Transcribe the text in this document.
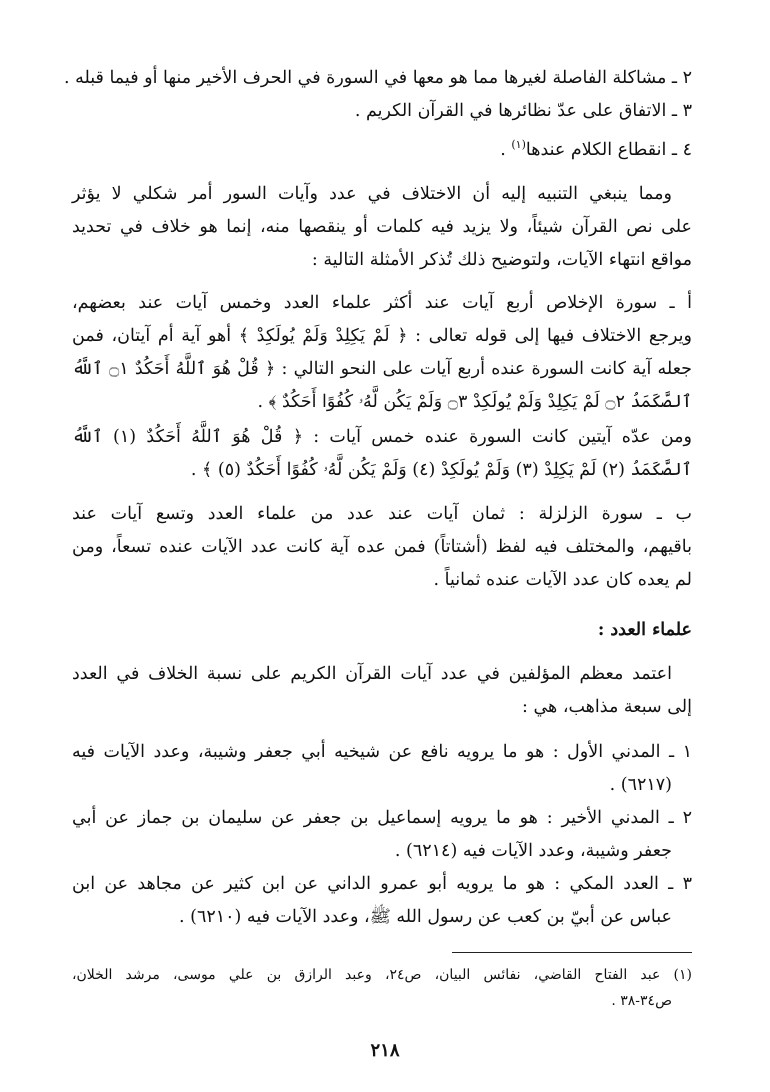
٢ ـ مشاكلة الفاصلة لغيرها مما هو معها في السورة في الحرف الأخير منها أو فيما قبله .
٣ ـ الاتفاق على عدّ نظائرها في القرآن الكريم .
٤ ـ انقطاع الكلام عندها$^{(١)}$ .
ومما ينبغي التنبيه إليه أن الاختلاف في عدد وآيات السور أمر شكلي لا يؤثر
على نص القرآن شيئاً، ولا يزيد فيه كلمات أو ينقصها منه، إنما هو خلاف في تحديد
مواقع انتهاء الآيات، ولتوضيح ذلك تُذكر الأمثلة التالية :
أ ـ سورة الإخلاص أربع آيات عند أكثر علماء العدد وخمس آيات عند بعضهم،
ويرجع الاختلاف فيها إلى قوله تعالى : ﴿ لَمْ يَكِلِدْ وَلَمْ يُولَكِدْ ﴾ أهو آية أم آيتان، فمن
جعله آية كانت السورة عنده أربع آيات على النحو التالي : ﴿ قُلْ هُوَ ٱللَّهُ أَحَكُدٌ ۝١ ٱللَّهُ
ٱلصَّكَمَدُ ۝٢ لَمْ يَكِلِدْ وَلَمْ يُولَكِدْ ۝٣ وَلَمْ يَكُن لَّهُۥ كُفُوًا أَحَكُدٌ ﴾ .
ومن عدّه آيتين كانت السورة عنده خمس آيات : ﴿ قُلْ هُوَ ٱللَّهُ أَحَكُدٌ (١) ٱللَّهُ
ٱلصَّكَمَدُ (٢) لَمْ يَكِلِدْ (٣) وَلَمْ يُولَكِدْ (٤) وَلَمْ يَكُن لَّهُۥ كُفُوًا أَحَكُدٌ (٥) ﴾ .
ب ـ سورة الزلزلة : ثمان آيات عند عدد من علماء العدد وتسع آيات عند
باقيهم، والمختلف فيه لفظ (أشتاتاً) فمن عده آية كانت عدد الآيات عنده تسعاً، ومن
لم يعده كان عدد الآيات عنده ثمانياً .
علماء العدد :
اعتمد معظم المؤلفين في عدد آيات القرآن الكريم على نسبة الخلاف في العدد
إلى سبعة مذاهب، هي :
١ ـ المدني الأول : هو ما يرويه نافع عن شيخيه أبي جعفر وشيبة، وعدد الآيات فيه
(٦٢١٧) .
٢ ـ المدني الأخير : هو ما يرويه إسماعيل بن جعفر عن سليمان بن جماز عن أبي
جعفر وشيبة، وعدد الآيات فيه (٦٢١٤) .
٣ ـ العدد المكي : هو ما يرويه أبو عمرو الداني عن ابن كثير عن مجاهد عن ابن
عباس عن أبيّ بن كعب عن رسول الله ﷺ، وعدد الآيات فيه (٦٢١٠) .
(١) عبد الفتاح القاضي، نفائس البيان، ص٢٤، وعبد الرازق بن علي موسى، مرشد الخلان،
ص٣٤-٣٨ .
٢١٨
